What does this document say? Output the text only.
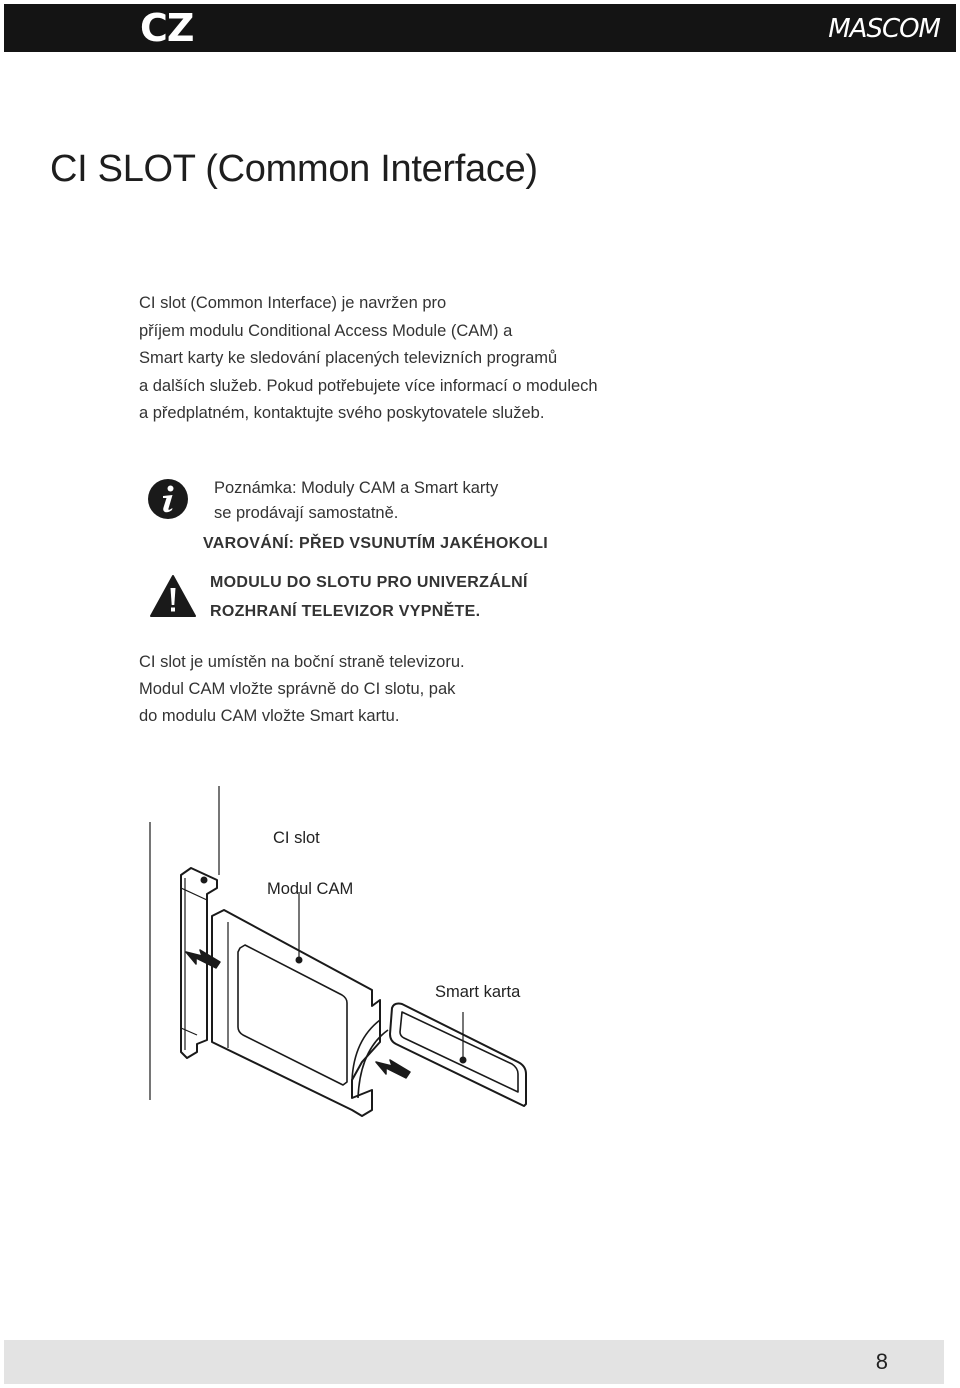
CZ	MASCOM
CI SLOT (Common Interface)

CI slot (Common Interface) je navržen pro
příjem modulu Conditional Access Module (CAM) a
Smart karty ke sledování placených televizních programů
a dalších služeb. Pokud potřebujete více informací o modulech
a předplatném, kontaktujte svého poskytovatele služeb.

Poznámka: Moduly CAM a Smart karty
se prodávají samostatně.

VAROVÁNÍ: PŘED VSUNUTÍM JAKÉHOKOLI

MODULU DO SLOTU PRO UNIVERZÁLNÍ
ROZHRANÍ TELEVIZOR VYPNĚTE.

CI slot je umístěn na boční straně televizoru.
Modul CAM vložte správně do CI slotu, pak
do modulu CAM vložte Smart kartu.

CI slot
Modul CAM
Smart karta
8
